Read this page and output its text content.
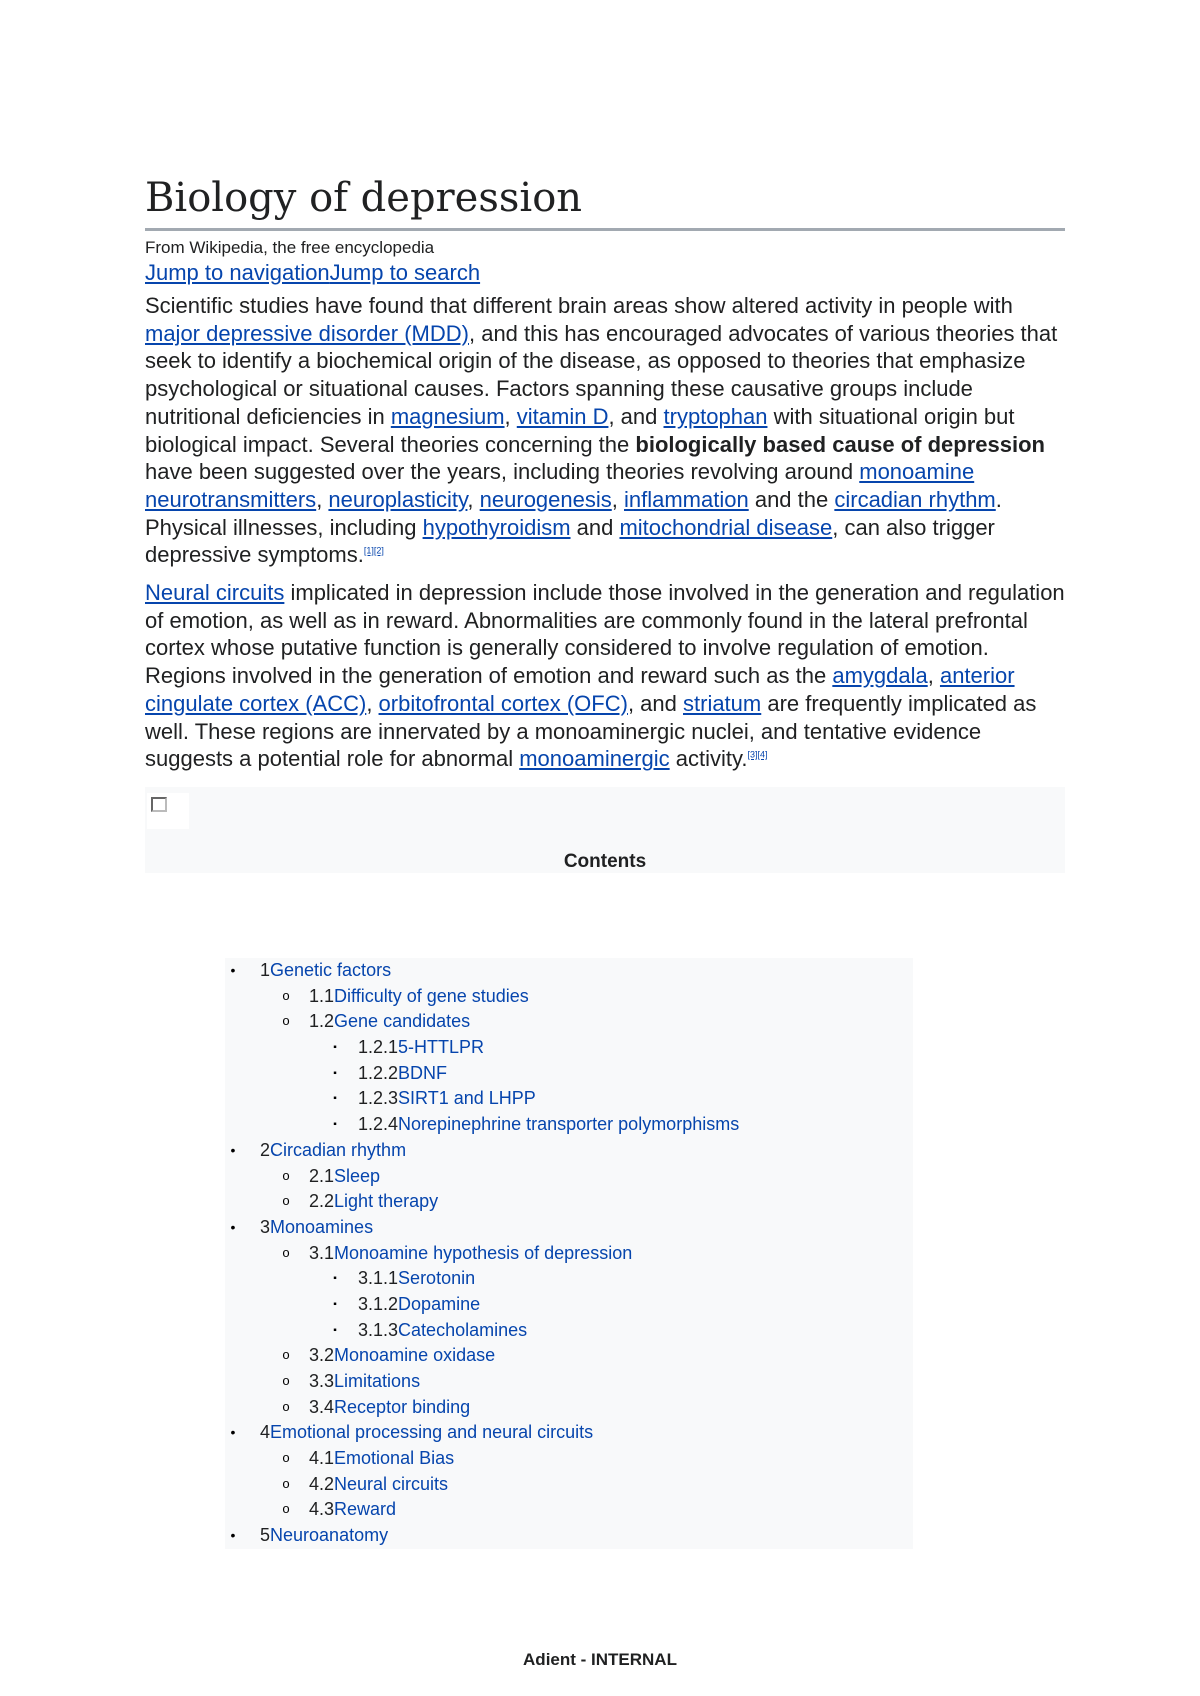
Biology of depression
From Wikipedia, the free encyclopedia
Jump to navigationJump to search

Scientific studies have found that different brain areas show altered activity in people with major depressive disorder (MDD), and this has encouraged advocates of various theories that seek to identify a biochemical origin of the disease, as opposed to theories that emphasize psychological or situational causes. Factors spanning these causative groups include nutritional deficiencies in magnesium, vitamin D, and tryptophan with situational origin but biological impact. Several theories concerning the biologically based cause of depression have been suggested over the years, including theories revolving around monoamine neurotransmitters, neuroplasticity, neurogenesis, inflammation and the circadian rhythm. Physical illnesses, including hypothyroidism and mitochondrial disease, can also trigger depressive symptoms.[1][2]

Neural circuits implicated in depression include those involved in the generation and regulation of emotion, as well as in reward. Abnormalities are commonly found in the lateral prefrontal cortex whose putative function is generally considered to involve regulation of emotion. Regions involved in the generation of emotion and reward such as the amygdala, anterior cingulate cortex (ACC), orbitofrontal cortex (OFC), and striatum are frequently implicated as well. These regions are innervated by a monoaminergic nuclei, and tentative evidence suggests a potential role for abnormal monoaminergic activity.[3][4]

Contents
•	1Genetic factors
o 1.1Difficulty of gene studies
o 1.2Gene candidates
▪	1.2.15-HTTLPR
▪	1.2.2BDNF
▪	1.2.3SIRT1 and LHPP
▪	1.2.4Norepinephrine transporter polymorphisms
•	2Circadian rhythm
o 2.1Sleep
o 2.2Light therapy
•	3Monoamines
o 3.1Monoamine hypothesis of depression
▪	3.1.1Serotonin
▪	3.1.2Dopamine
▪	3.1.3Catecholamines
o 3.2Monoamine oxidase
o 3.3Limitations
o 3.4Receptor binding
•	4Emotional processing and neural circuits
o 4.1Emotional Bias
o 4.2Neural circuits
o 4.3Reward
•	5Neuroanatomy
Adient - INTERNAL
